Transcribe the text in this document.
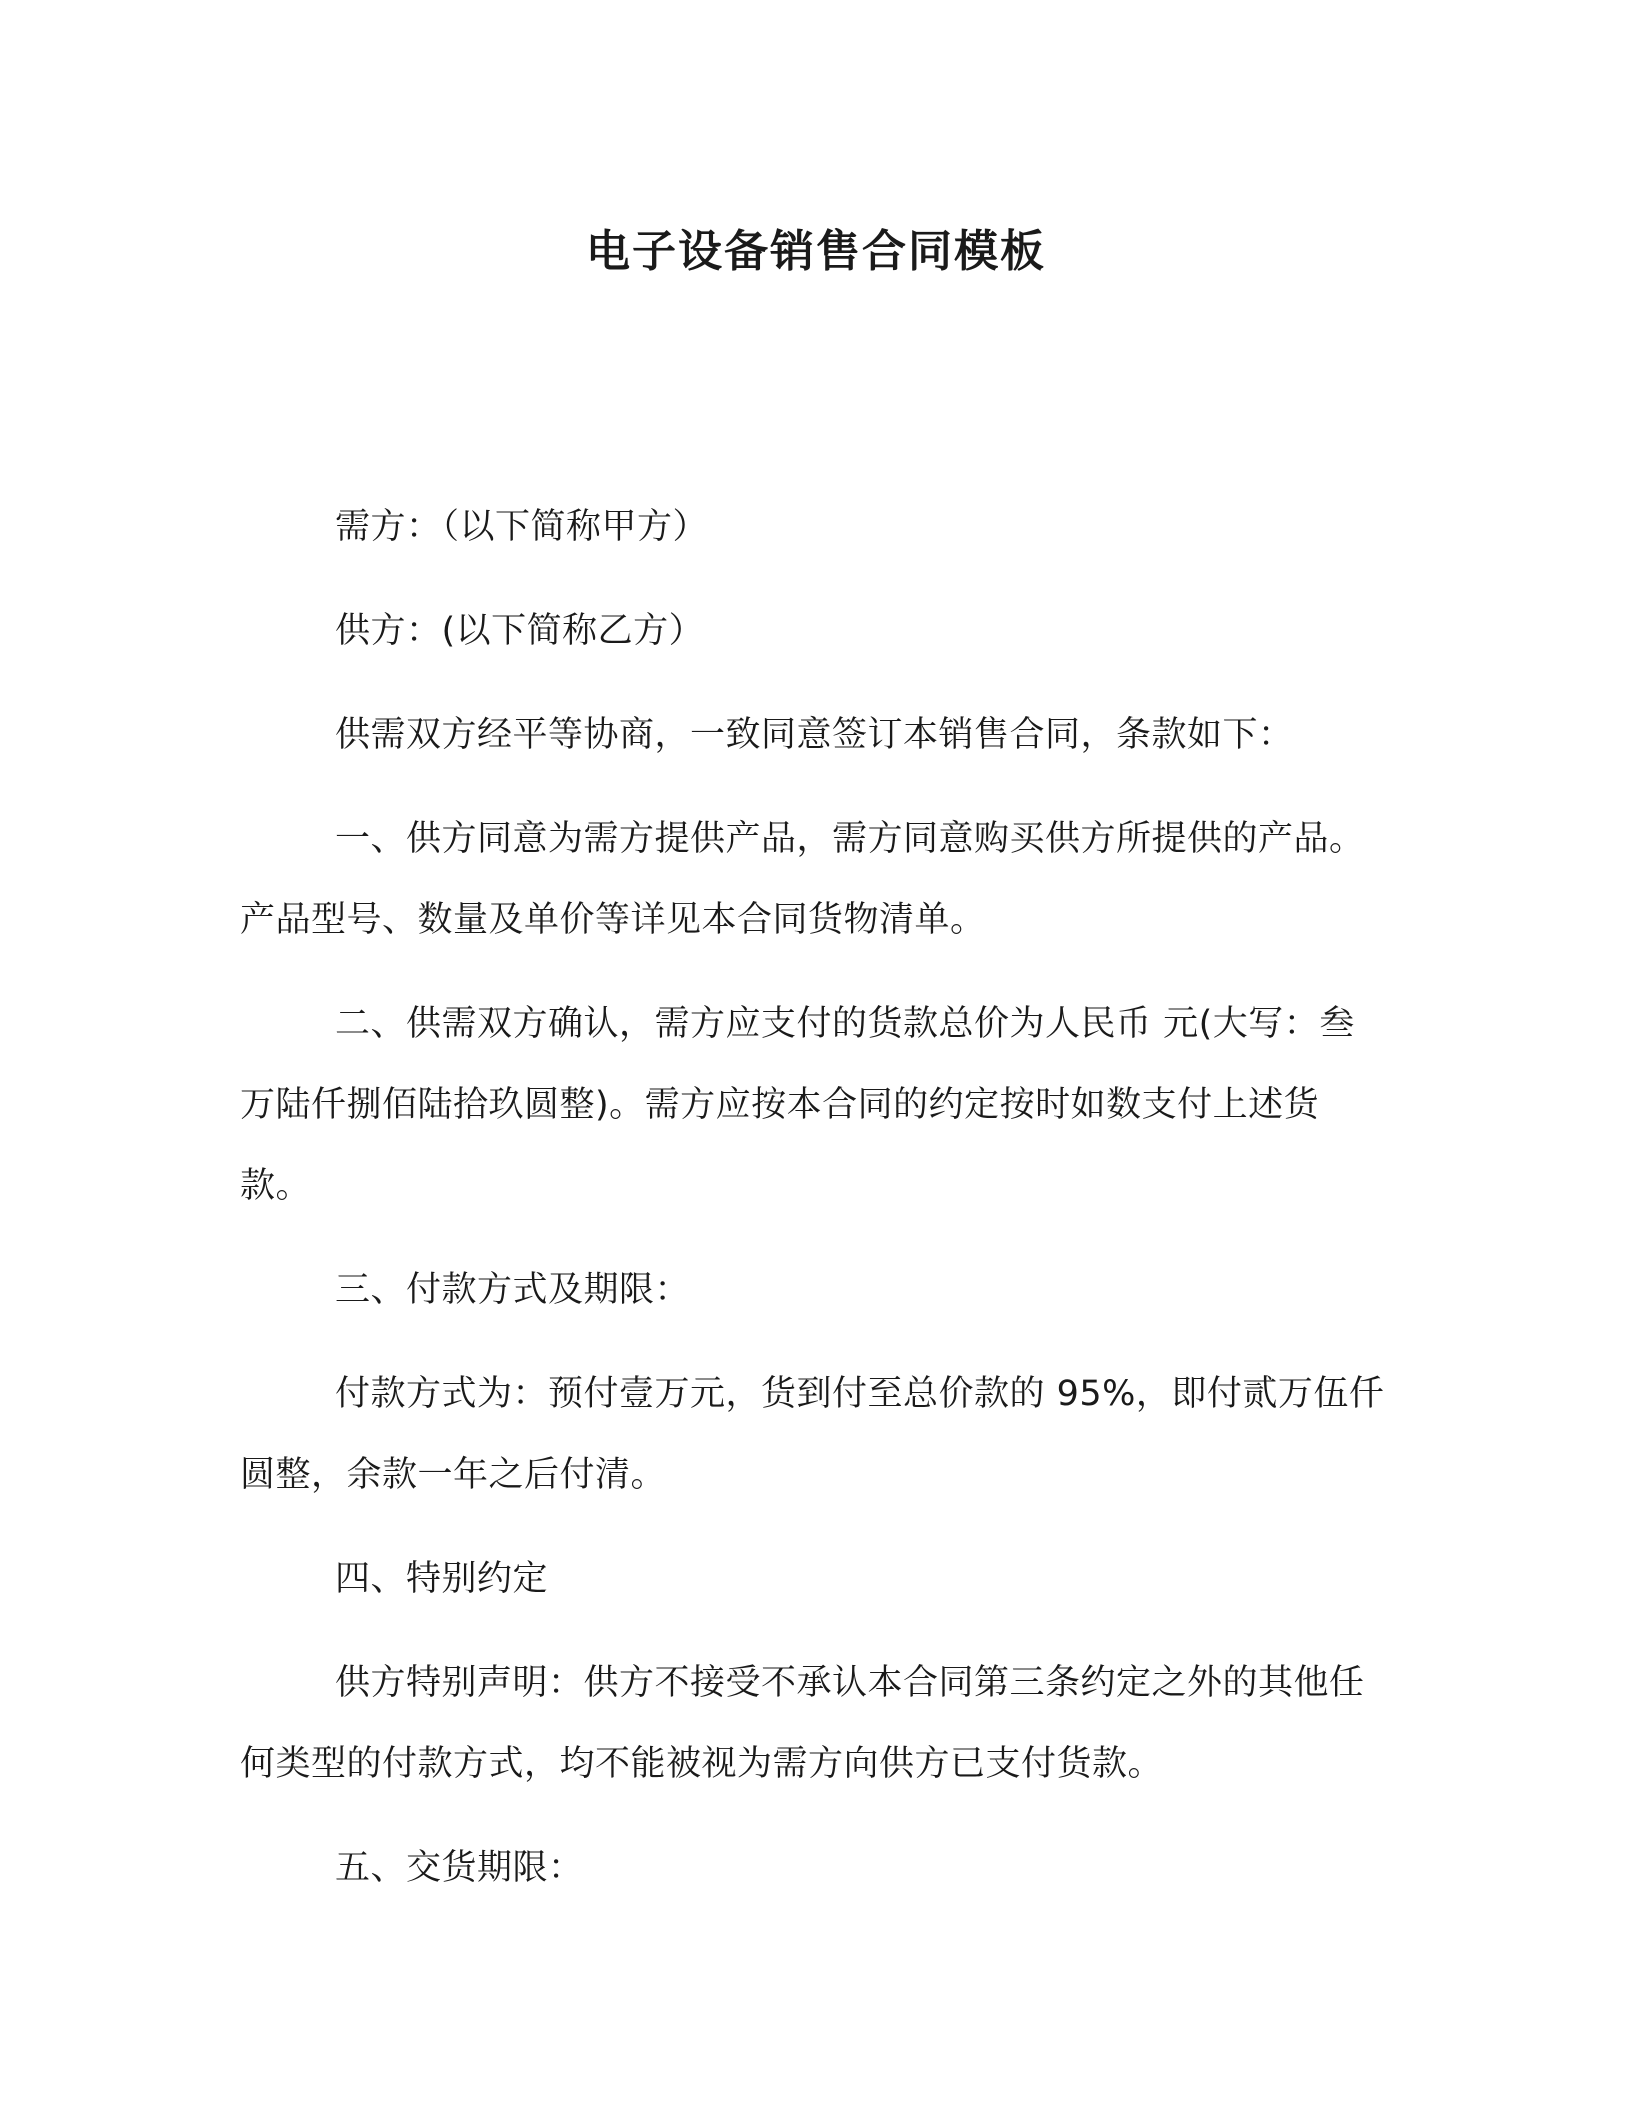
电子设备销售合同模板

需方：（以下简称甲方）

供方：(以下简称乙方）

供需双方经平等协商，一致同意签订本销售合同，条款如下：

一、供方同意为需方提供产品，需方同意购买供方所提供的产品。产品型号、数量及单价等详见本合同货物清单。

二、供需双方确认，需方应支付的货款总价为人民币 元(大写：叁万陆仟捌佰陆拾玖圆整)。需方应按本合同的约定按时如数支付上述货款。

三、付款方式及期限：

付款方式为：预付壹万元，货到付至总价款的 95%，即付贰万伍仟圆整，余款一年之后付清。

四、特别约定

供方特别声明：供方不接受不承认本合同第三条约定之外的其他任何类型的付款方式，均不能被视为需方向供方已支付货款。

五、交货期限：
